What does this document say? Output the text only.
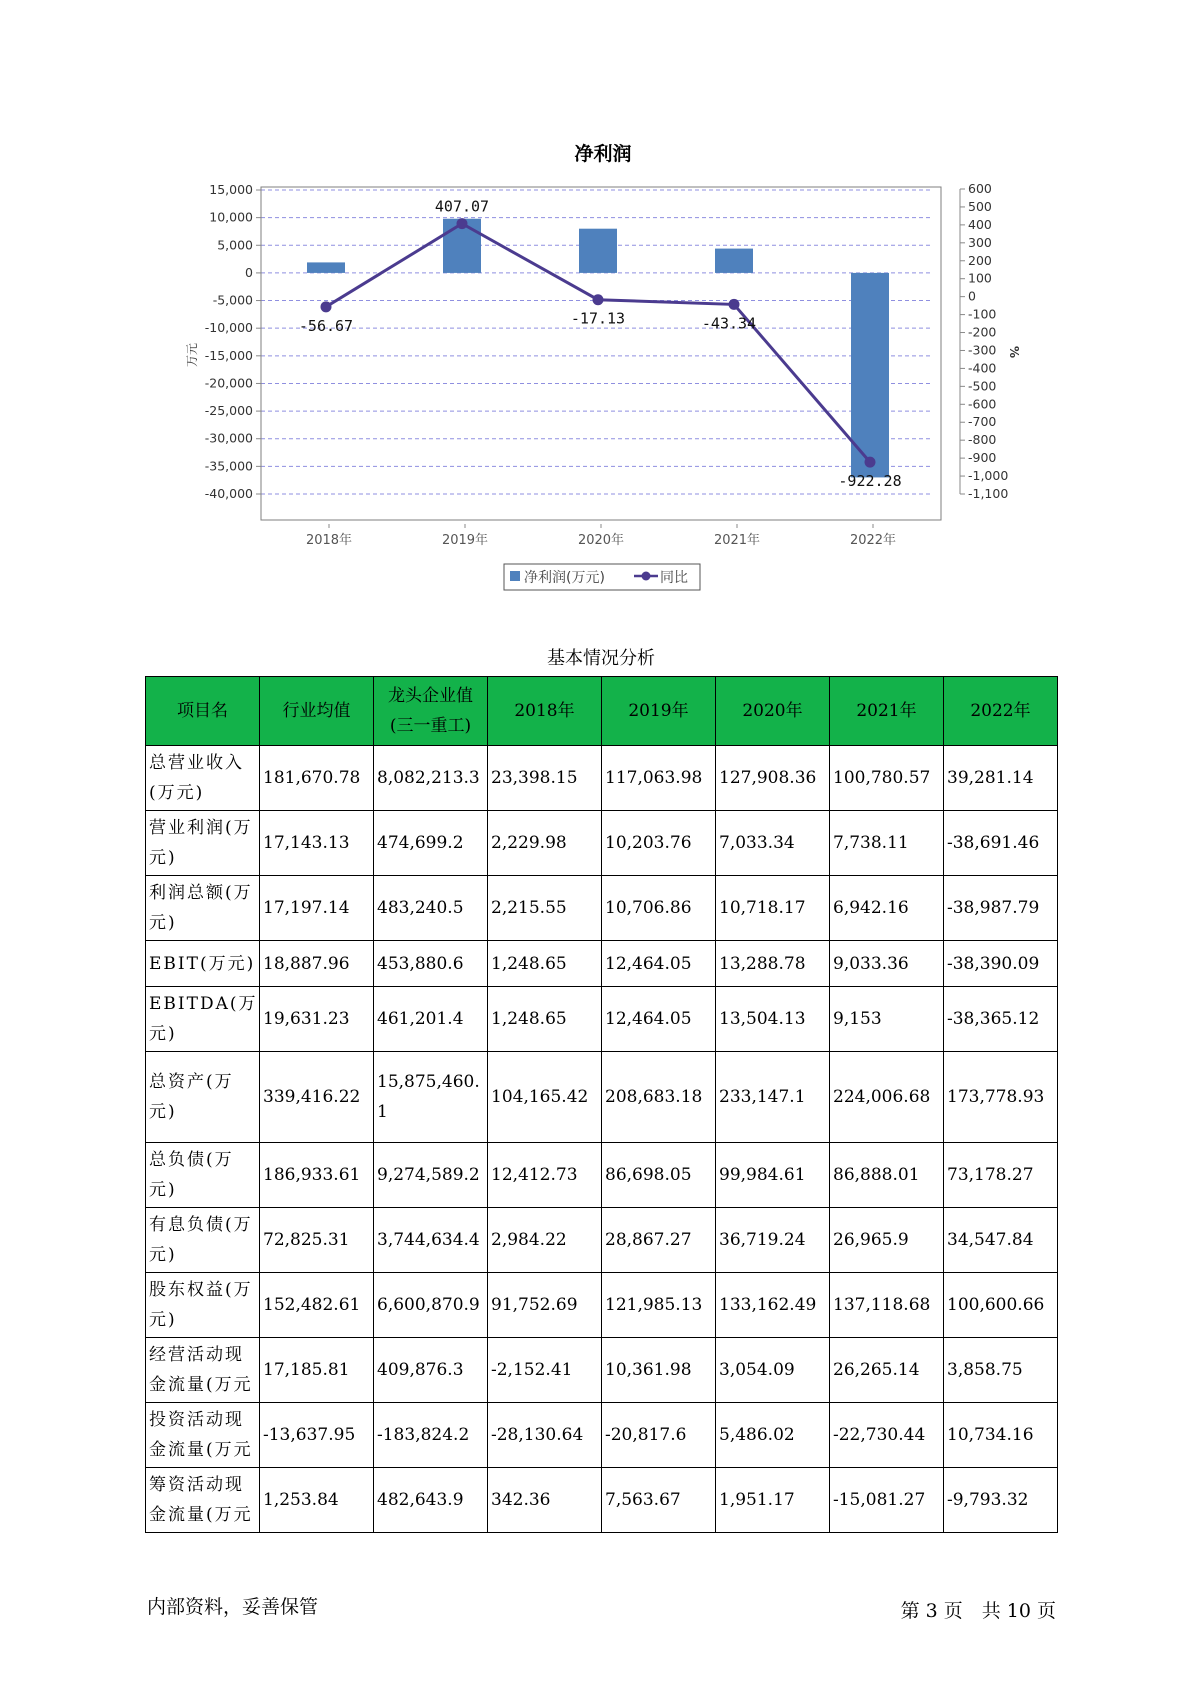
净利润
15,000
10,000
5,000
0
-5,000
-10,000
-15,000
-20,000
-25,000
-30,000
-35,000
-40,000
600
500
400
300
200
100
0
-100
-200
-300
-400
-500
-600
-700
-800
-900
-1,000
-1,100
2018年	2019年	2020年	2021年	2022年
-56.67
407.07
-17.13	-43.34
-922.28
万元	%
净利润(万元)	同比
基本情况分析
项目名	行业均值	龙头企业值(三一重工)	2018年	2019年	2020年	2021年	2022年
总营业收入(万元)	181,670.78	8,082,213.3	23,398.15	117,063.98	127,908.36	100,780.57	39,281.14
营业利润(万元)	17,143.13	474,699.2	2,229.98	10,203.76	7,033.34	7,738.11	-38,691.46
利润总额(万元)	17,197.14	483,240.5	2,215.55	10,706.86	10,718.17	6,942.16	-38,987.79
EBIT(万元)	18,887.96	453,880.6	1,248.65	12,464.05	13,288.78	9,033.36	-38,390.09
EBITDA(万元)	19,631.23	461,201.4	1,248.65	12,464.05	13,504.13	9,153	-38,365.12
总资产(万元)	339,416.22	15,875,460.1	104,165.42	208,683.18	233,147.1	224,006.68	173,778.93
总负债(万元)	186,933.61	9,274,589.2	12,412.73	86,698.05	99,984.61	86,888.01	73,178.27
有息负债(万元)	72,825.31	3,744,634.4	2,984.22	28,867.27	36,719.24	26,965.9	34,547.84
股东权益(万元)	152,482.61	6,600,870.9	91,752.69	121,985.13	133,162.49	137,118.68	100,600.66
经营活动现金流量(万元	17,185.81	409,876.3	-2,152.41	10,361.98	3,054.09	26,265.14	3,858.75
投资活动现金流量(万元	-13,637.95	-183,824.2	-28,130.64	-20,817.6	5,486.02	-22,730.44	10,734.16
筹资活动现金流量(万元	1,253.84	482,643.9	342.36	7,563.67	1,951.17	-15,081.27	-9,793.32
内部资料，妥善保管	第 3 页　共 10 页
